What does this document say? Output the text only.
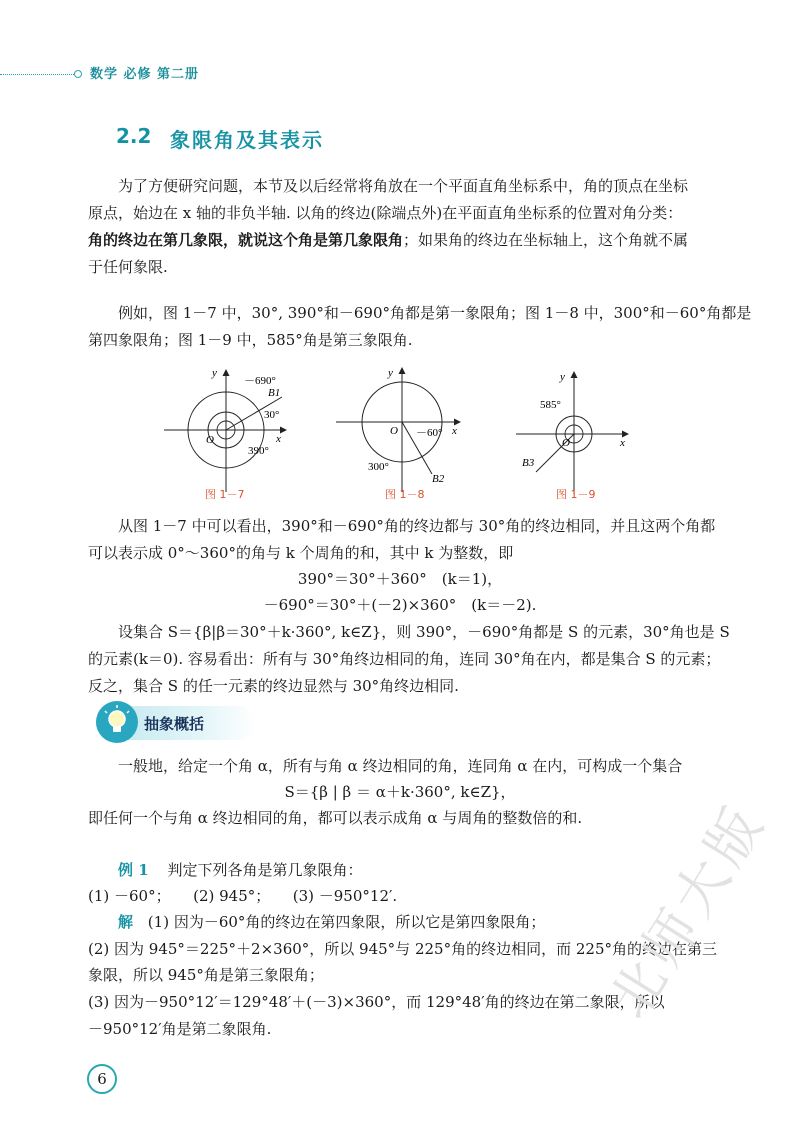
数学 必修 第二册
2.2 象限角及其表示
为了方便研究问题，本节及以后经常将角放在一个平面直角坐标系中，角的顶点在坐标
原点，始边在 x 轴的非负半轴. 以角的终边(除端点外)在平面直角坐标系的位置对角分类：
角的终边在第几象限，就说这个角是第几象限角；如果角的终边在坐标轴上，这个角就不属
于任何象限.
例如，图 1－7 中，30°, 390°和－690°角都是第一象限角；图 1－8 中，300°和－60°角都是
第四象限角；图 1－9 中，585°角是第三象限角.
y
x
O
－690°
B1
30°
390°
y
x
O －60°
300°
B2
y
x
O
585°
B3
图 1－7	图 1－8	图 1－9
从图 1－7 中可以看出，390°和－690°角的终边都与 30°角的终边相同，并且这两个角都
可以表示成 0°～360°的角与 k 个周角的和，其中 k 为整数，即
390°＝30°＋360°　(k＝1)，
－690°＝30°＋(－2)×360°　(k＝－2).
设集合 S＝{β|β＝30°＋k·360°, k∈Z}，则 390°，－690°角都是 S 的元素，30°角也是 S
的元素(k＝0). 容易看出：所有与 30°角终边相同的角，连同 30°角在内，都是集合 S 的元素；
反之，集合 S 的任一元素的终边显然与 30°角终边相同.
抽象概括
一般地，给定一个角 α，所有与角 α 终边相同的角，连同角 α 在内，可构成一个集合
S＝{β | β ＝ α＋k·360°, k∈Z}，
即任何一个与角 α 终边相同的角，都可以表示成角 α 与周角的整数倍的和.
例 1 判定下列各角是第几象限角：
(1) －60°；　　(2) 945°；　　(3) －950°12′.
解 (1) 因为－60°角的终边在第四象限，所以它是第四象限角；
(2) 因为 945°＝225°＋2×360°，所以 945°与 225°角的终边相同，而 225°角的终边在第三
象限，所以 945°角是第三象限角；
(3) 因为－950°12′＝129°48′＋(－3)×360°，而 129°48′角的终边在第二象限，所以
－950°12′角是第二象限角.
6
北师大版
